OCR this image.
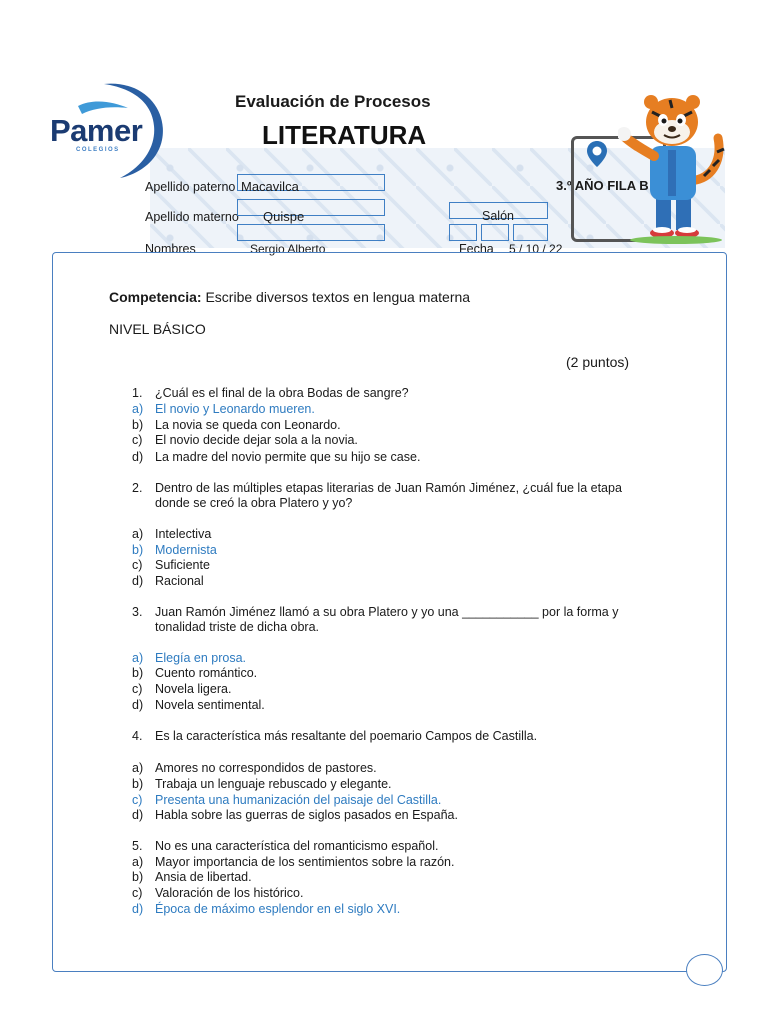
Pamer
COLEGIOS
Evaluación de Procesos
LITERATURA
Apellido paterno Macavilca
Apellido materno Quispe
Nombres	Sergio Alberto
3.º AÑO FILA B
Salón
Fecha 5 / 10 / 22
Competencia: Escribe diversos textos en lengua materna
NIVEL BÁSICO
(2 puntos)
1. ¿Cuál es el final de la obra Bodas de sangre?
a) El novio y Leonardo mueren.
b) La novia se queda con Leonardo.
c) El novio decide dejar sola a la novia.
d) La madre del novio permite que su hijo se case.
2. Dentro de las múltiples etapas literarias de Juan Ramón Jiménez, ¿cuál fue la etapa
donde se creó la obra Platero y yo?
a) Intelectiva
b) Modernista
c) Suficiente
d) Racional
3. Juan Ramón Jiménez llamó a su obra Platero y yo una ___________ por la forma y
tonalidad triste de dicha obra.
a) Elegía en prosa.
b) Cuento romántico.
c) Novela ligera.
d) Novela sentimental.
4. Es la característica más resaltante del poemario Campos de Castilla.
a) Amores no correspondidos de pastores.
b) Trabaja un lenguaje rebuscado y elegante.
c) Presenta una humanización del paisaje del Castilla.
d) Habla sobre las guerras de siglos pasados en España.
5. No es una característica del romanticismo español.
a) Mayor importancia de los sentimientos sobre la razón.
b) Ansia de libertad.
c) Valoración de los histórico.
d) Época de máximo esplendor en el siglo XVI.
